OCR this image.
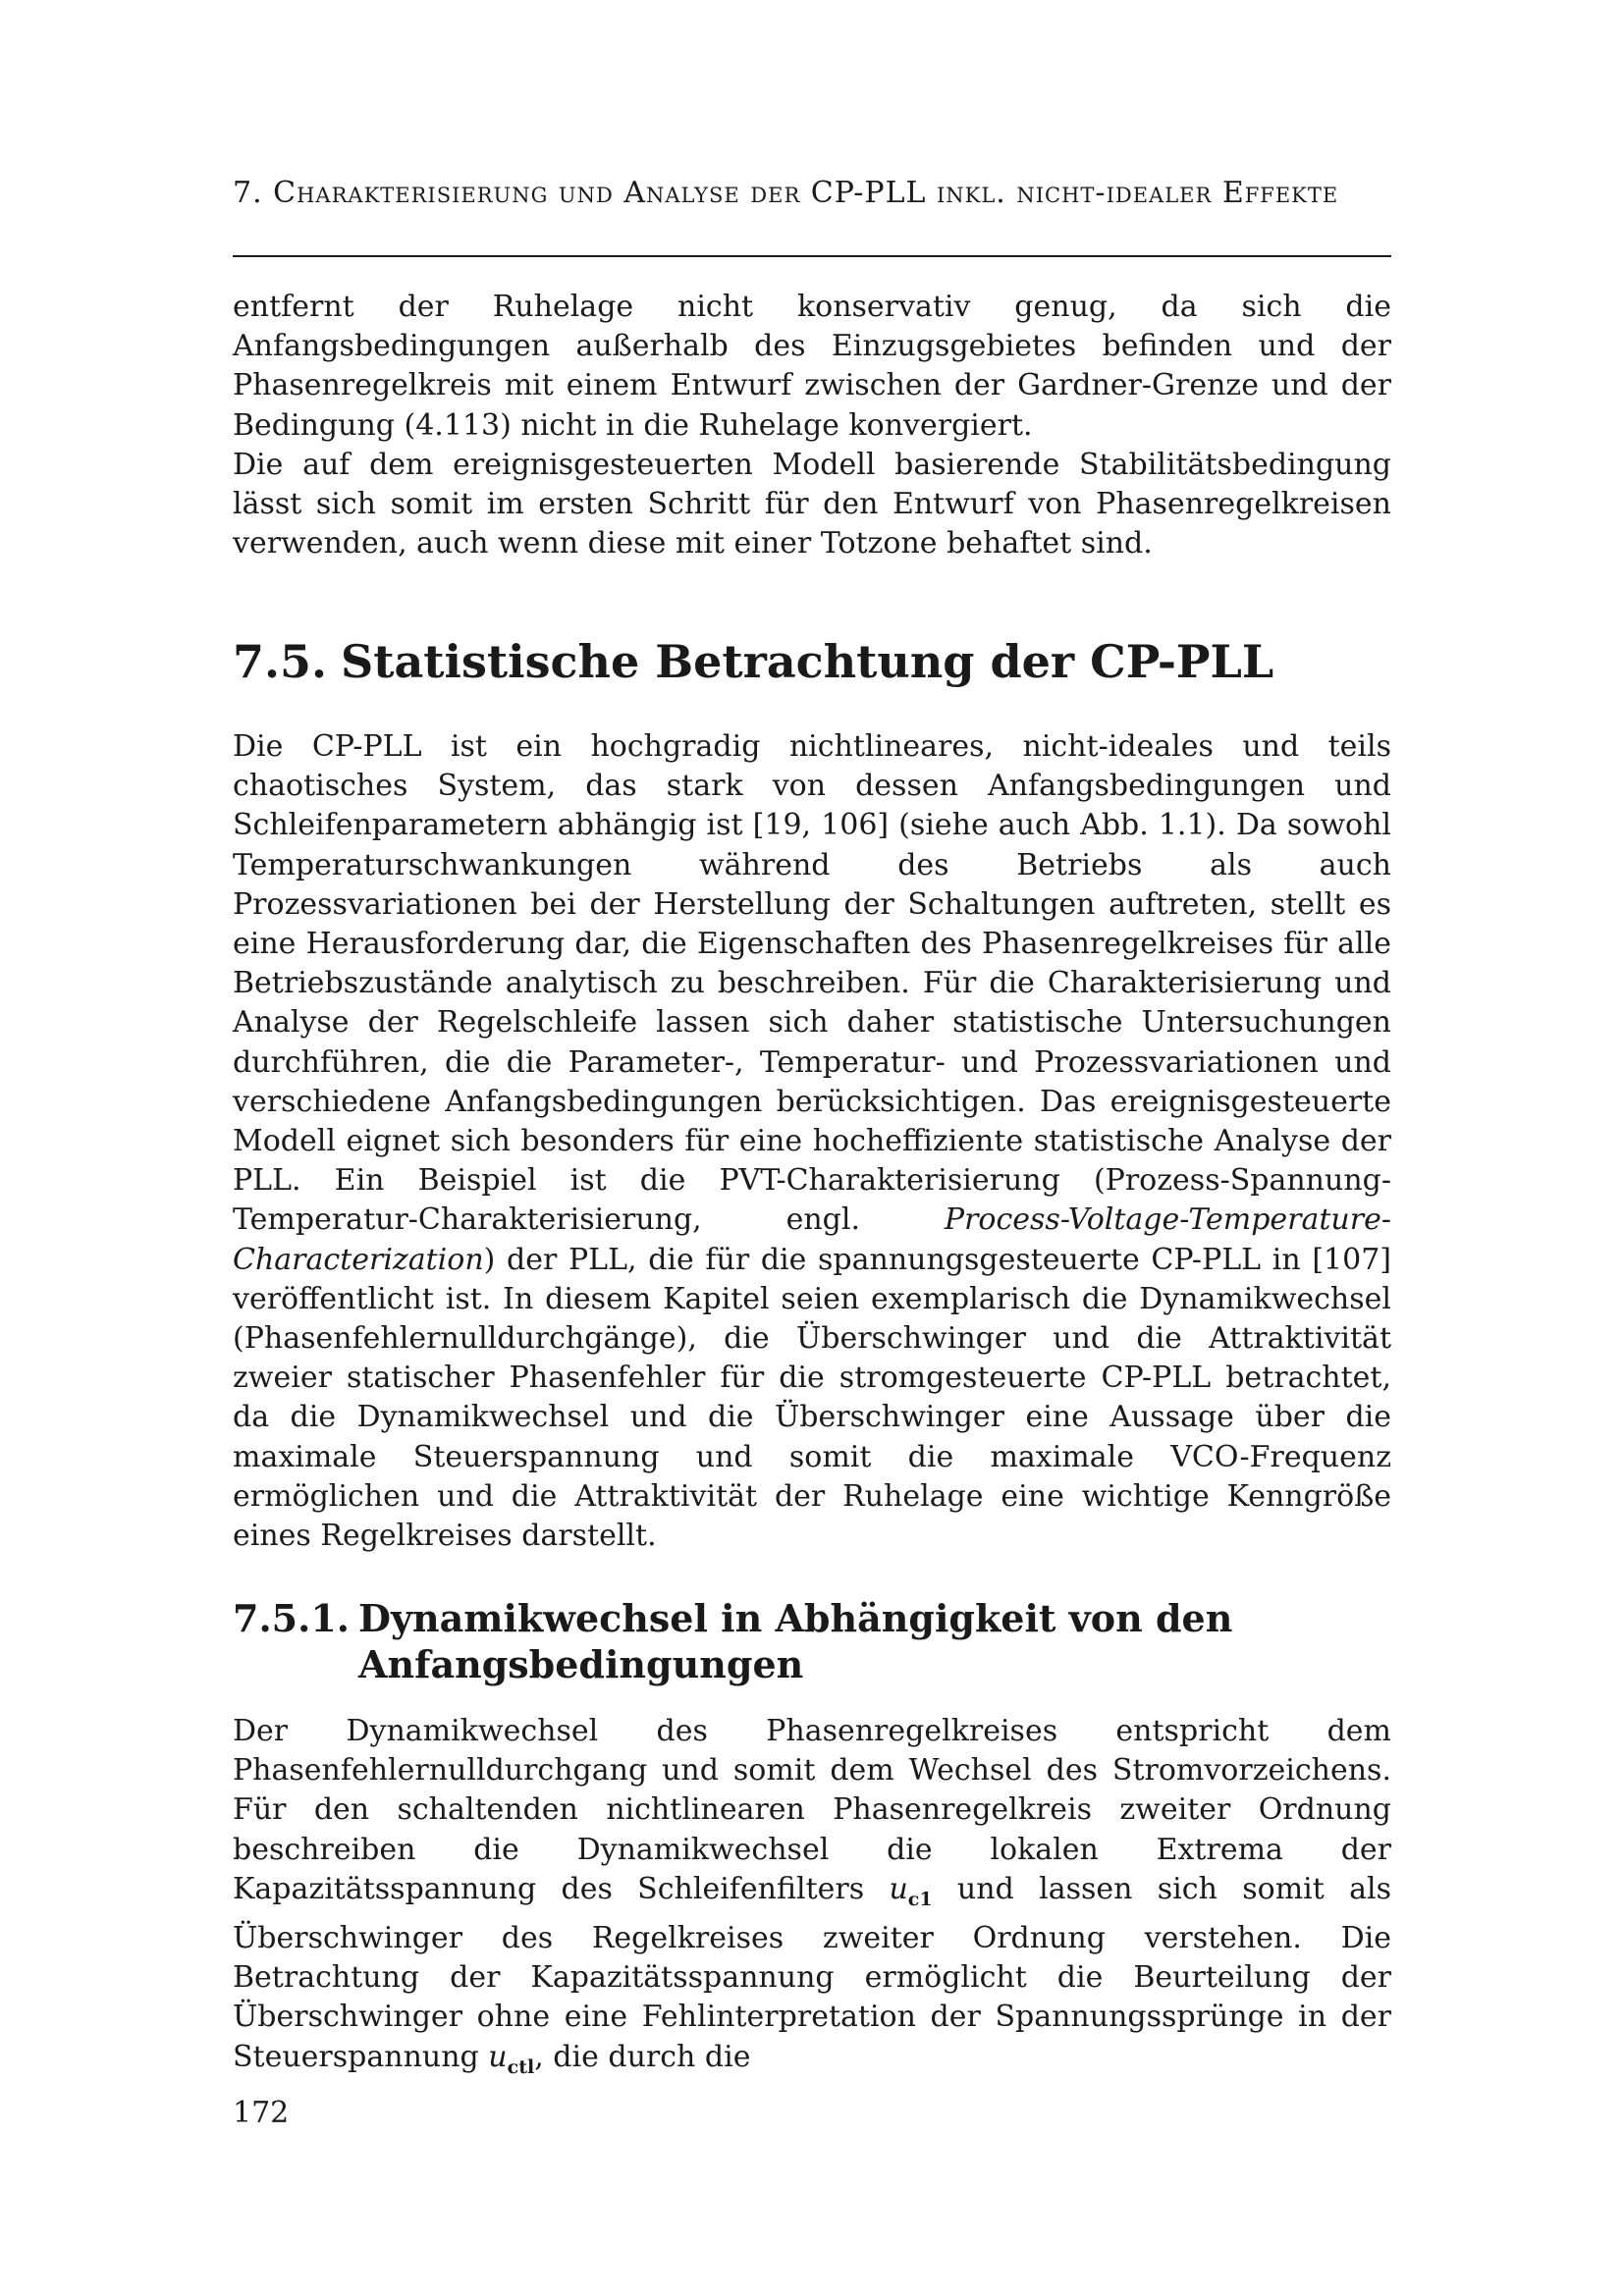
7. Charakterisierung und Analyse der CP-PLL inkl. nicht-idealer Effekte

entfernt der Ruhelage nicht konservativ genug, da sich die Anfangsbedingungen außerhalb des Einzugsgebietes befinden und der Phasenregelkreis mit einem Entwurf zwischen der Gardner-Grenze und der Bedingung (4.113) nicht in die Ruhelage konvergiert.

Die auf dem ereignisgesteuerten Modell basierende Stabilitätsbedingung lässt sich somit im ersten Schritt für den Entwurf von Phasenregelkreisen verwenden, auch wenn diese mit einer Totzone behaftet sind.

7.5. Statistische Betrachtung der CP-PLL

Die CP-PLL ist ein hochgradig nichtlineares, nicht-ideales und teils chaotisches System, das stark von dessen Anfangsbedingungen und Schleifenparametern abhängig ist [19, 106] (siehe auch Abb. 1.1). Da sowohl Temperaturschwankungen während des Betriebs als auch Prozessvariationen bei der Herstellung der Schaltungen auftreten, stellt es eine Herausforderung dar, die Eigenschaften des Phasenregelkreises für alle Betriebszustände analytisch zu beschreiben. Für die Charakterisierung und Analyse der Regelschleife lassen sich daher statistische Untersuchungen durchführen, die die Parameter-, Temperatur- und Prozessvariationen und verschiedene Anfangsbedingungen berücksichtigen. Das ereignisgesteuerte Modell eignet sich besonders für eine hocheffiziente statistische Analyse der PLL. Ein Beispiel ist die PVT-Charakterisierung (Prozess-Spannung-Temperatur-Charakterisierung, engl. Process-Voltage-Temperature-Characterization) der PLL, die für die spannungsgesteuerte CP-PLL in [107] veröffentlicht ist. In diesem Kapitel seien exemplarisch die Dynamikwechsel (Phasenfehlernulldurchgänge), die Überschwinger und die Attraktivität zweier statischer Phasenfehler für die stromgesteuerte CP-PLL betrachtet, da die Dynamikwechsel und die Überschwinger eine Aussage über die maximale Steuerspannung und somit die maximale VCO-Frequenz ermöglichen und die Attraktivität der Ruhelage eine wichtige Kenngröße eines Regelkreises darstellt.

7.5.1. Dynamikwechsel in Abhängigkeit von den Anfangsbedingungen

Der Dynamikwechsel des Phasenregelkreises entspricht dem Phasenfehlernulldurchgang und somit dem Wechsel des Stromvorzeichens. Für den schaltenden nichtlinearen Phasenregelkreis zweiter Ordnung beschreiben die Dynamikwechsel die lokalen Extrema der Kapazitätsspannung des Schleifenfilters $u_{c1}$ und lassen sich somit als Überschwinger des Regelkreises zweiter Ordnung verstehen. Die Betrachtung der Kapazitätsspannung ermöglicht die Beurteilung der Überschwinger ohne eine Fehlinterpretation der Spannungssprünge in der Steuerspannung $u_{ctl}$, die durch die

172
